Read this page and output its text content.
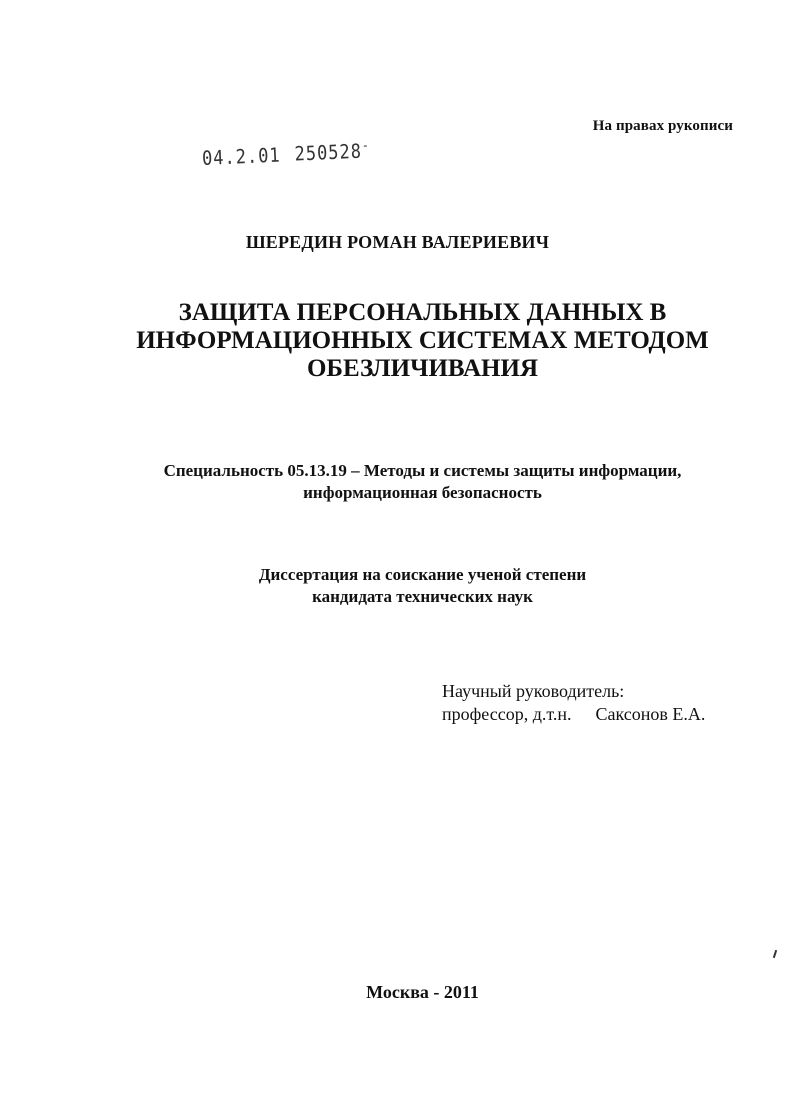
На правах рукописи
04.2.01 250528-
ШЕРЕДИН РОМАН ВАЛЕРИЕВИЧ
ЗАЩИТА ПЕРСОНАЛЬНЫХ ДАННЫХ В
ИНФОРМАЦИОННЫХ СИСТЕМАХ МЕТОДОМ
ОБЕЗЛИЧИВАНИЯ
Специальность 05.13.19 – Методы и системы защиты информации,
информационная безопасность
Диссертация на соискание ученой степени
кандидата технических наук
Научный руководитель:
профессор, д.т.н. Саксонов Е.А.
Москва - 2011
